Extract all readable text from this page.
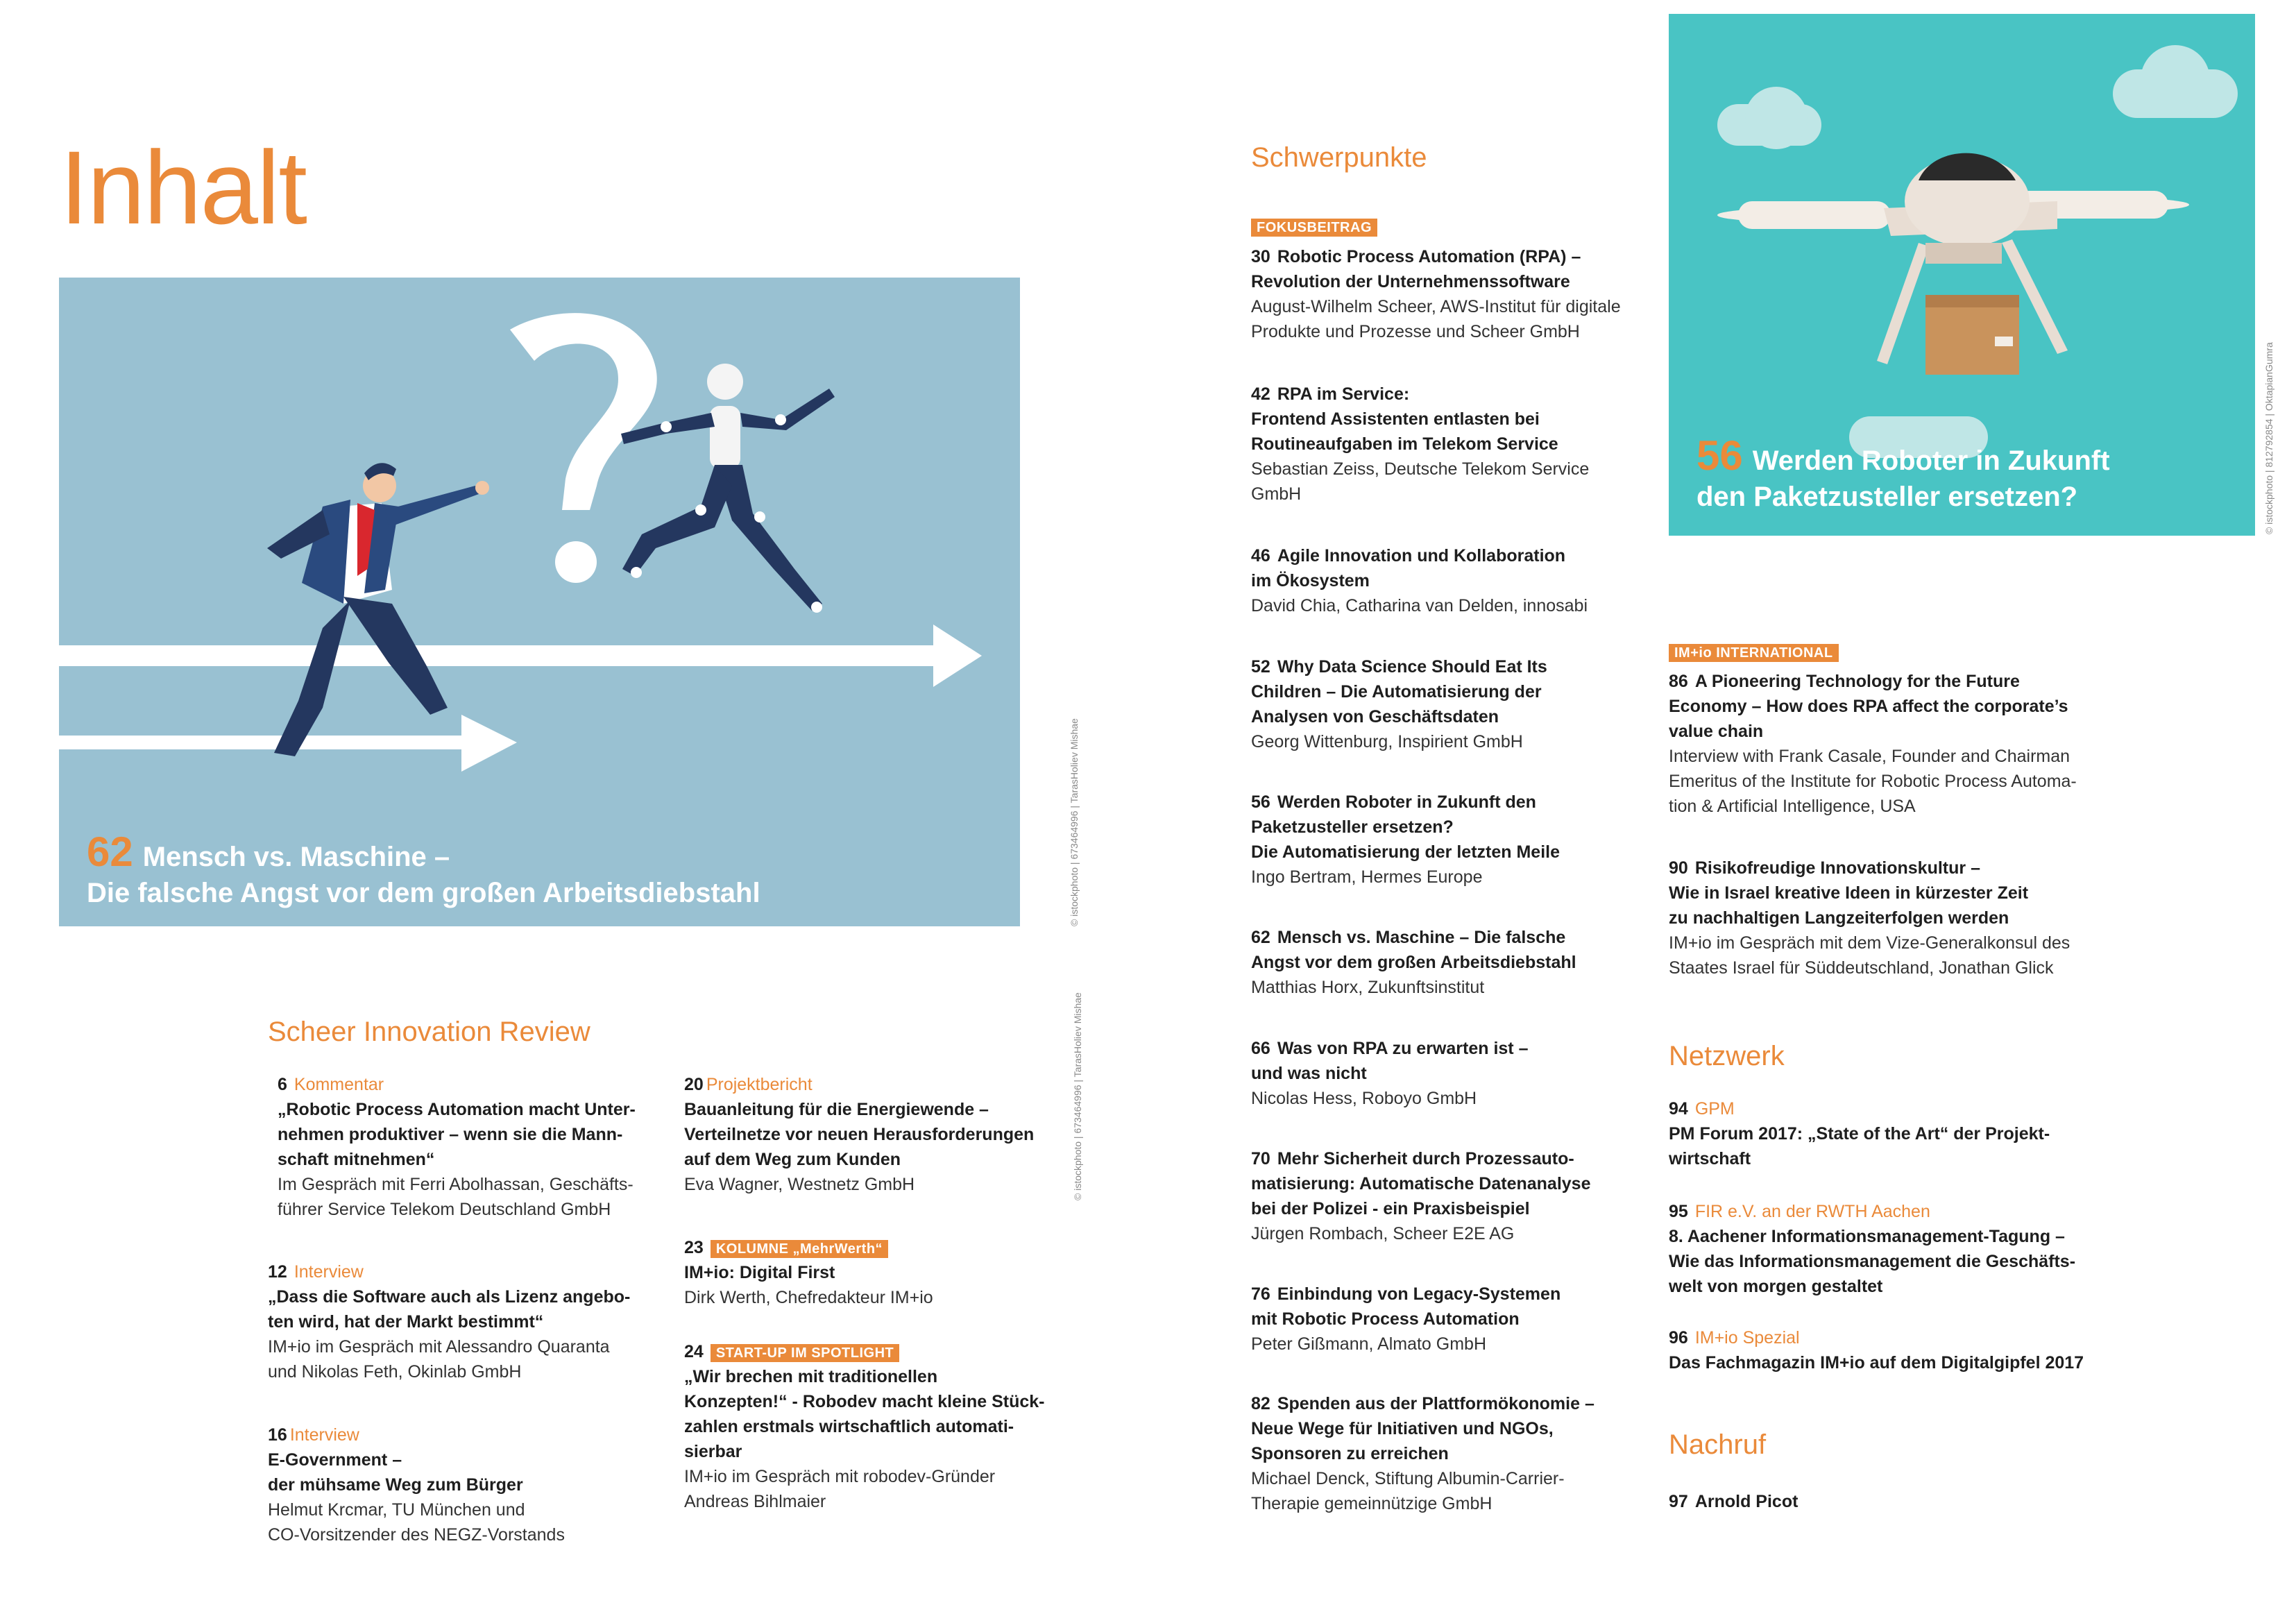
Inhalt
© istockphoto | 673464996 | TarasHoliev Mishae
62 Mensch vs. Maschine –
Die falsche Angst vor dem großen Arbeitsdiebstahl	© istockphoto | 673464996 | TarasHoliev Mishae
Scheer Innovation Review
6 Kommentar
„Robotic Process Automation macht Unter-
nehmen produktiver – wenn sie die Mann-
schaft mitnehmen“
Im Gespräch mit Ferri Abolhassan, Geschäfts-
führer Service Telekom Deutschland GmbH
12 Interview
„Dass die Software auch als Lizenz angebo-
ten wird, hat der Markt bestimmt“
IM+io im Gespräch mit Alessandro Quaranta
und Nikolas Feth, Okinlab GmbH
16 Interview
E-Government –
der mühsame Weg zum Bürger
Helmut Krcmar, TU München und
CO-Vorsitzender des NEGZ-Vorstands
20 Projektbericht
Bauanleitung für die Energiewende –
Verteilnetze vor neuen Herausforderungen
auf dem Weg zum Kunden
Eva Wagner, Westnetz GmbH
23 KOLUMNE „MehrWerth“
IM+io: Digital First
Dirk Werth, Chefredakteur IM+io
24 START-UP IM SPOTLIGHT
„Wir brechen mit traditionellen
Konzepten!“ - Robodev macht kleine Stück-
zahlen erstmals wirtschaftlich automati-
sierbar
IM+io im Gespräch mit robodev-Gründer
Andreas Bihlmaier
Schwerpunkte
FOKUSBEITRAG
30 Robotic Process Automation (RPA) –
Revolution der Unternehmenssoftware
August-Wilhelm Scheer, AWS-Institut für digitale
Produkte und Prozesse und Scheer GmbH
42 RPA im Service:
Frontend Assistenten entlasten bei
Routineaufgaben im Telekom Service
Sebastian Zeiss, Deutsche Telekom Service
GmbH
46 Agile Innovation und Kollaboration
im Ökosystem
David Chia, Catharina van Delden, innosabi
52 Why Data Science Should Eat Its
Children – Die Automatisierung der
Analysen von Geschäftsdaten
Georg Wittenburg, Inspirient GmbH
56 Werden Roboter in Zukunft den
Paketzusteller ersetzen?
Die Automatisierung der letzten Meile
Ingo Bertram, Hermes Europe
62 Mensch vs. Maschine – Die falsche
Angst vor dem großen Arbeitsdiebstahl
Matthias Horx, Zukunftsinstitut
66 Was von RPA zu erwarten ist –
und was nicht
Nicolas Hess, Roboyo GmbH
70 Mehr Sicherheit durch Prozessauto-
matisierung: Automatische Datenanalyse
bei der Polizei - ein Praxisbeispiel
Jürgen Rombach, Scheer E2E AG
76 Einbindung von Legacy-Systemen
mit Robotic Process Automation
Peter Gißmann, Almato GmbH
82 Spenden aus der Plattformökonomie –
Neue Wege für Initiativen und NGOs,
Sponsoren zu erreichen
Michael Denck, Stiftung Albumin-Carrier-
Therapie gemeinnützige GmbH
56 Werden Roboter in Zukunft
den Paketzusteller ersetzen?	© istockphoto | 812792854 | OktapianGumra
IM+io INTERNATIONAL
86 A Pioneering Technology for the Future
Economy – How does RPA affect the corporate’s
value chain
Interview with Frank Casale, Founder and Chairman
Emeritus of the Institute for Robotic Process Automa-
tion & Artificial Intelligence, USA
90 Risikofreudige Innovationskultur –
Wie in Israel kreative Ideen in kürzester Zeit
zu nachhaltigen Langzeiterfolgen werden
IM+io im Gespräch mit dem Vize-Generalkonsul des
Staates Israel für Süddeutschland, Jonathan Glick
Netzwerk
94 GPM
PM Forum 2017: „State of the Art“ der Projekt-
wirtschaft
95 FIR e.V. an der RWTH Aachen
8. Aachener Informationsmanagement-Tagung –
Wie das Informationsmanagement die Geschäfts-
welt von morgen gestaltet
96 IM+io Spezial
Das Fachmagazin IM+io auf dem Digitalgipfel 2017
Nachruf
97 Arnold Picot
